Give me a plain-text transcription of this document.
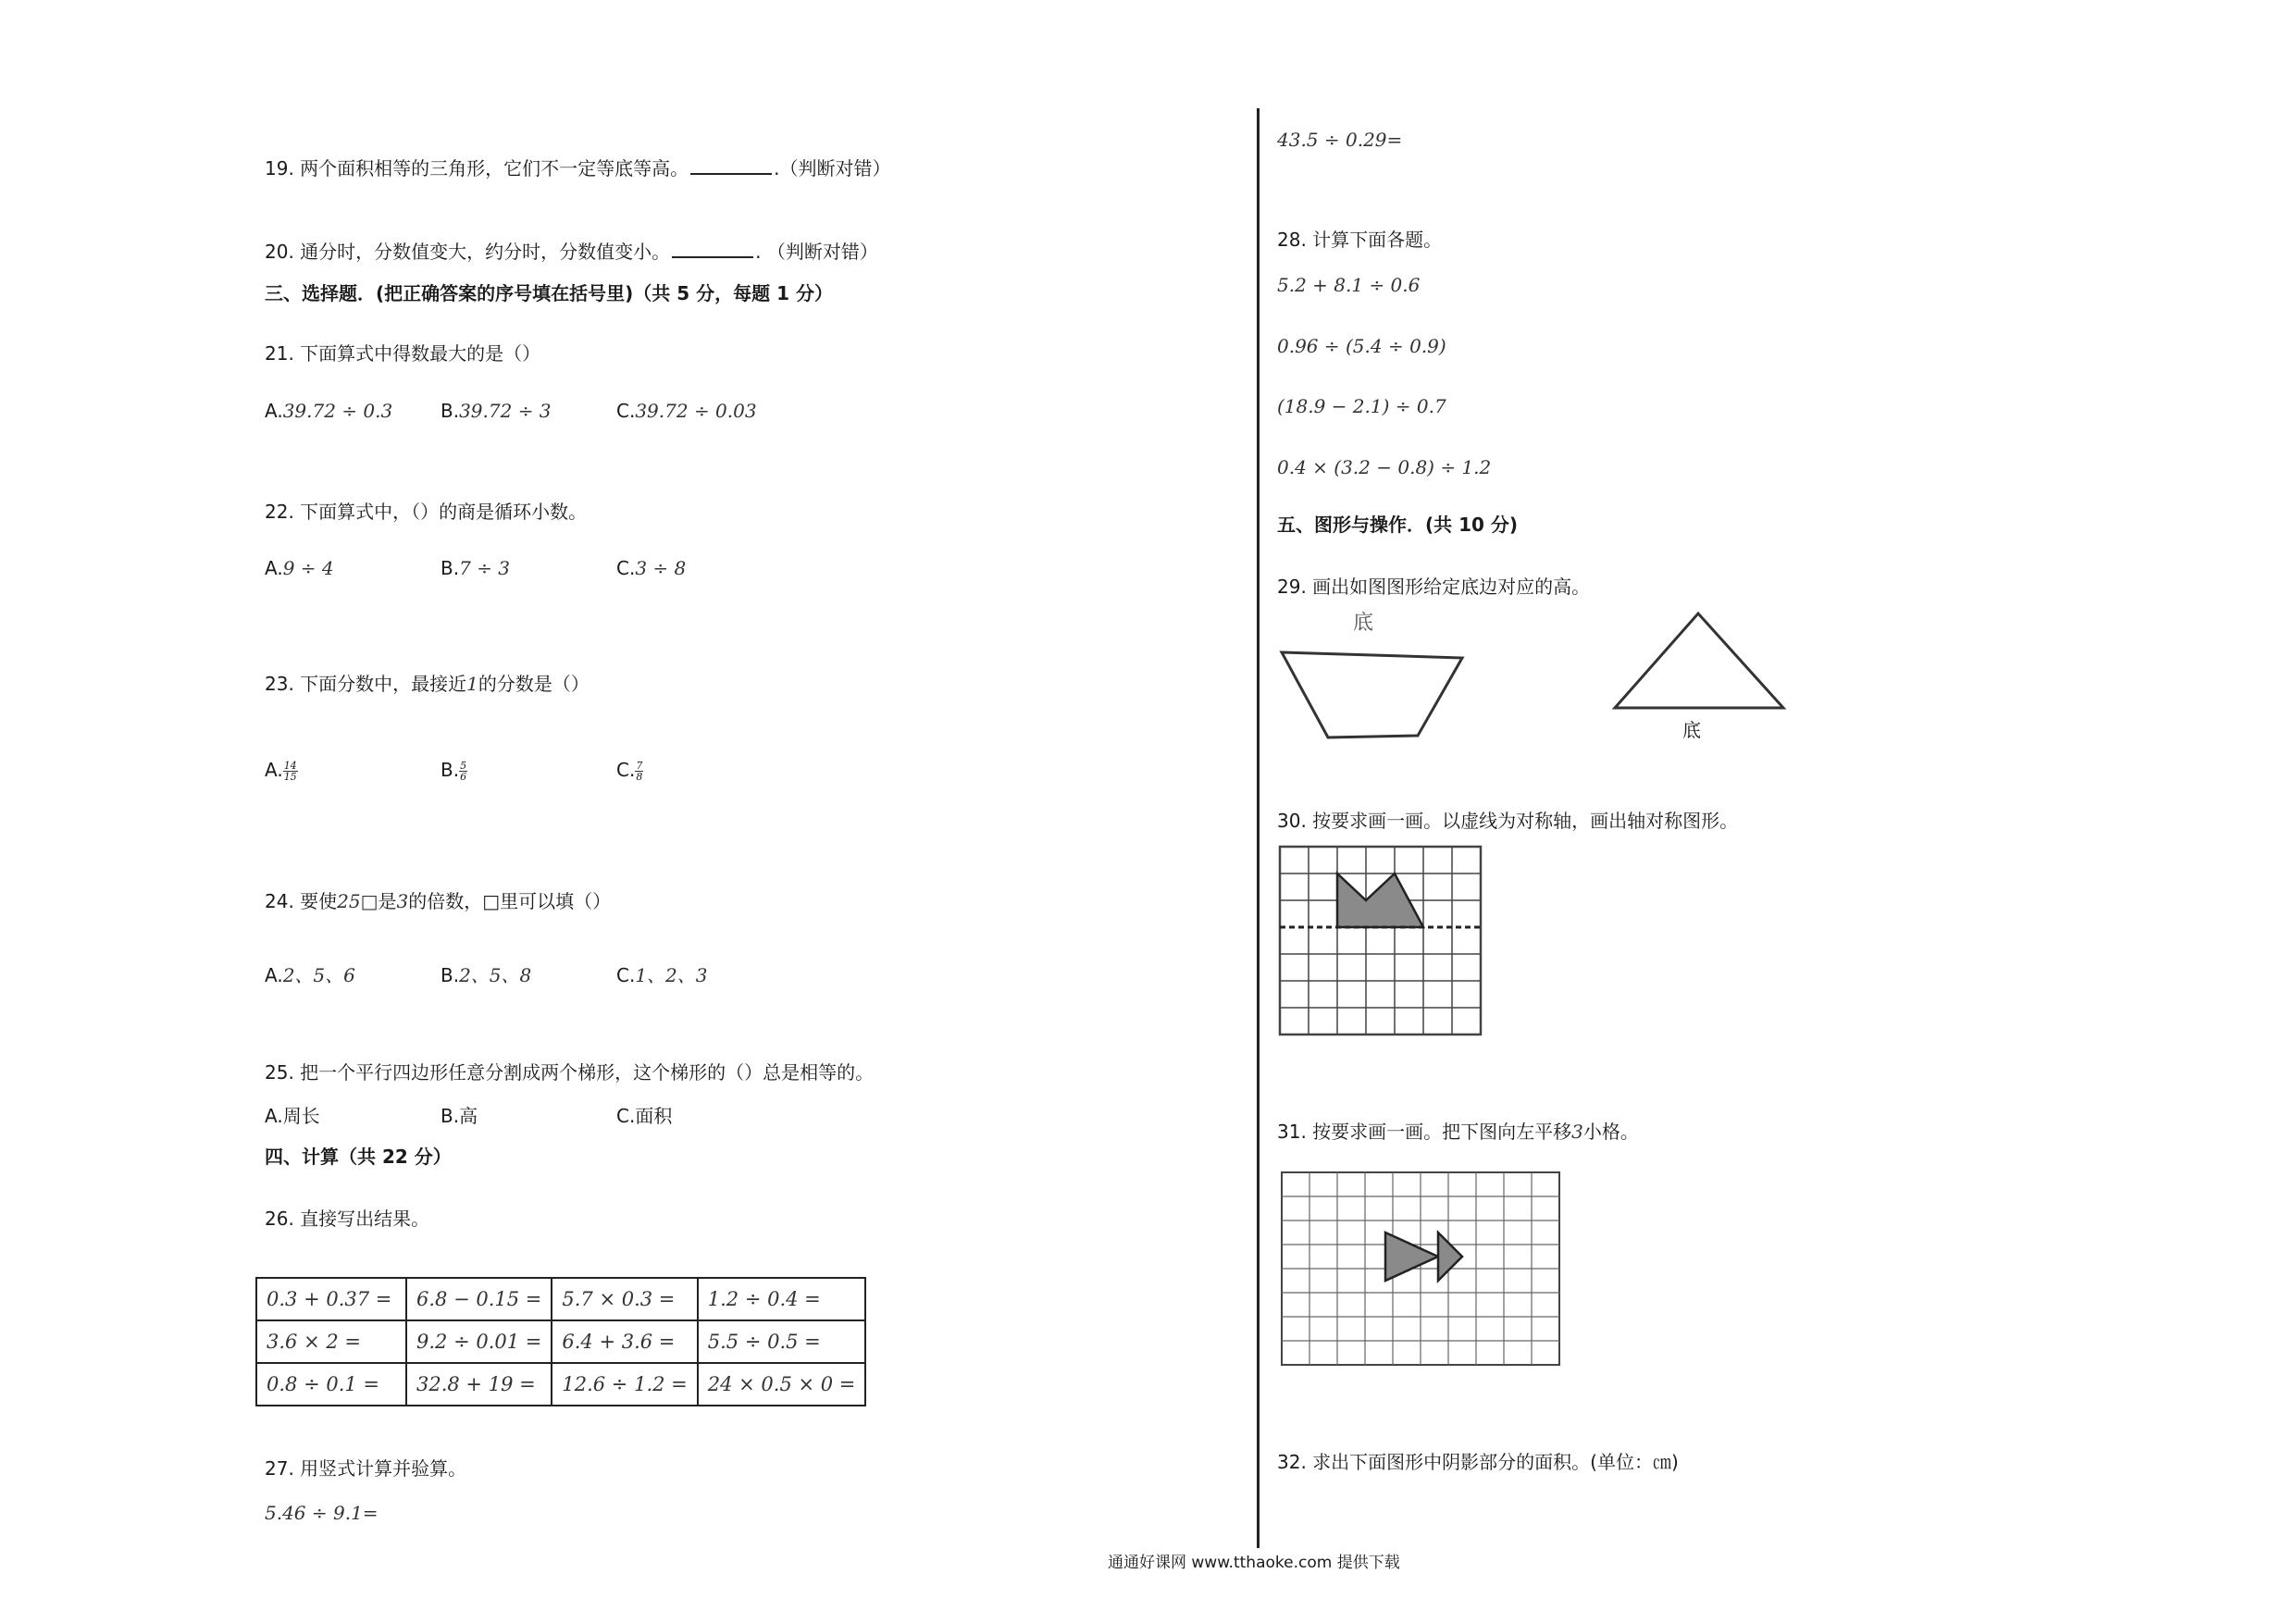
19. 两个面积相等的三角形，它们不一定等底等高。	.（判断对错）
20. 通分时，分数值变大，约分时，分数值变小。	. （判断对错）
三、选择题．(把正确答案的序号填在括号里)（共 5 分，每题 1 分）
21. 下面算式中得数最大的是（）
A.39.72 ÷ 0.3	B.39.72 ÷ 3	C.39.72 ÷ 0.03
22. 下面算式中，（）的商是循环小数。
A.9 ÷ 4	B.7 ÷ 3	C.3 ÷ 8
23. 下面分数中，最接近1的分数是（）
A. $\frac{14}{15}$	B. $\frac{5}{6}$	C. $\frac{7}{8}$
24. 要使25□是3的倍数，□里可以填（）
A.2、5、6	B.2、5、8	C.1、2、3
25. 把一个平行四边形任意分割成两个梯形，这个梯形的（）总是相等的。
A.周长	B.高	C.面积
四、计算（共 22 分）
26. 直接写出结果。
0.3 + 0.37 =	6.8 − 0.15 =	5.7 × 0.3 =	1.2 ÷ 0.4 =
3.6 × 2 =	9.2 ÷ 0.01 =	6.4 + 3.6 =	5.5 ÷ 0.5 =
0.8 ÷ 0.1 =	32.8 + 19 =	12.6 ÷ 1.2 =	24 × 0.5 × 0 =
27. 用竖式计算并验算。
5.46 ÷ 9.1=
43.5 ÷ 0.29=
28. 计算下面各题。
5.2 + 8.1 ÷ 0.6
0.96 ÷ (5.4 ÷ 0.9)
(18.9 − 2.1) ÷ 0.7
0.4 × (3.2 − 0.8) ÷ 1.2
五、图形与操作．(共 10 分)
29. 画出如图图形给定底边对应的高。
底
底
30. 按要求画一画。以虚线为对称轴，画出轴对称图形。
31. 按要求画一画。把下图向左平移3小格。
32. 求出下面图形中阴影部分的面积。(单位：㎝)
通通好课网 www.tthaoke.com 提供下载
